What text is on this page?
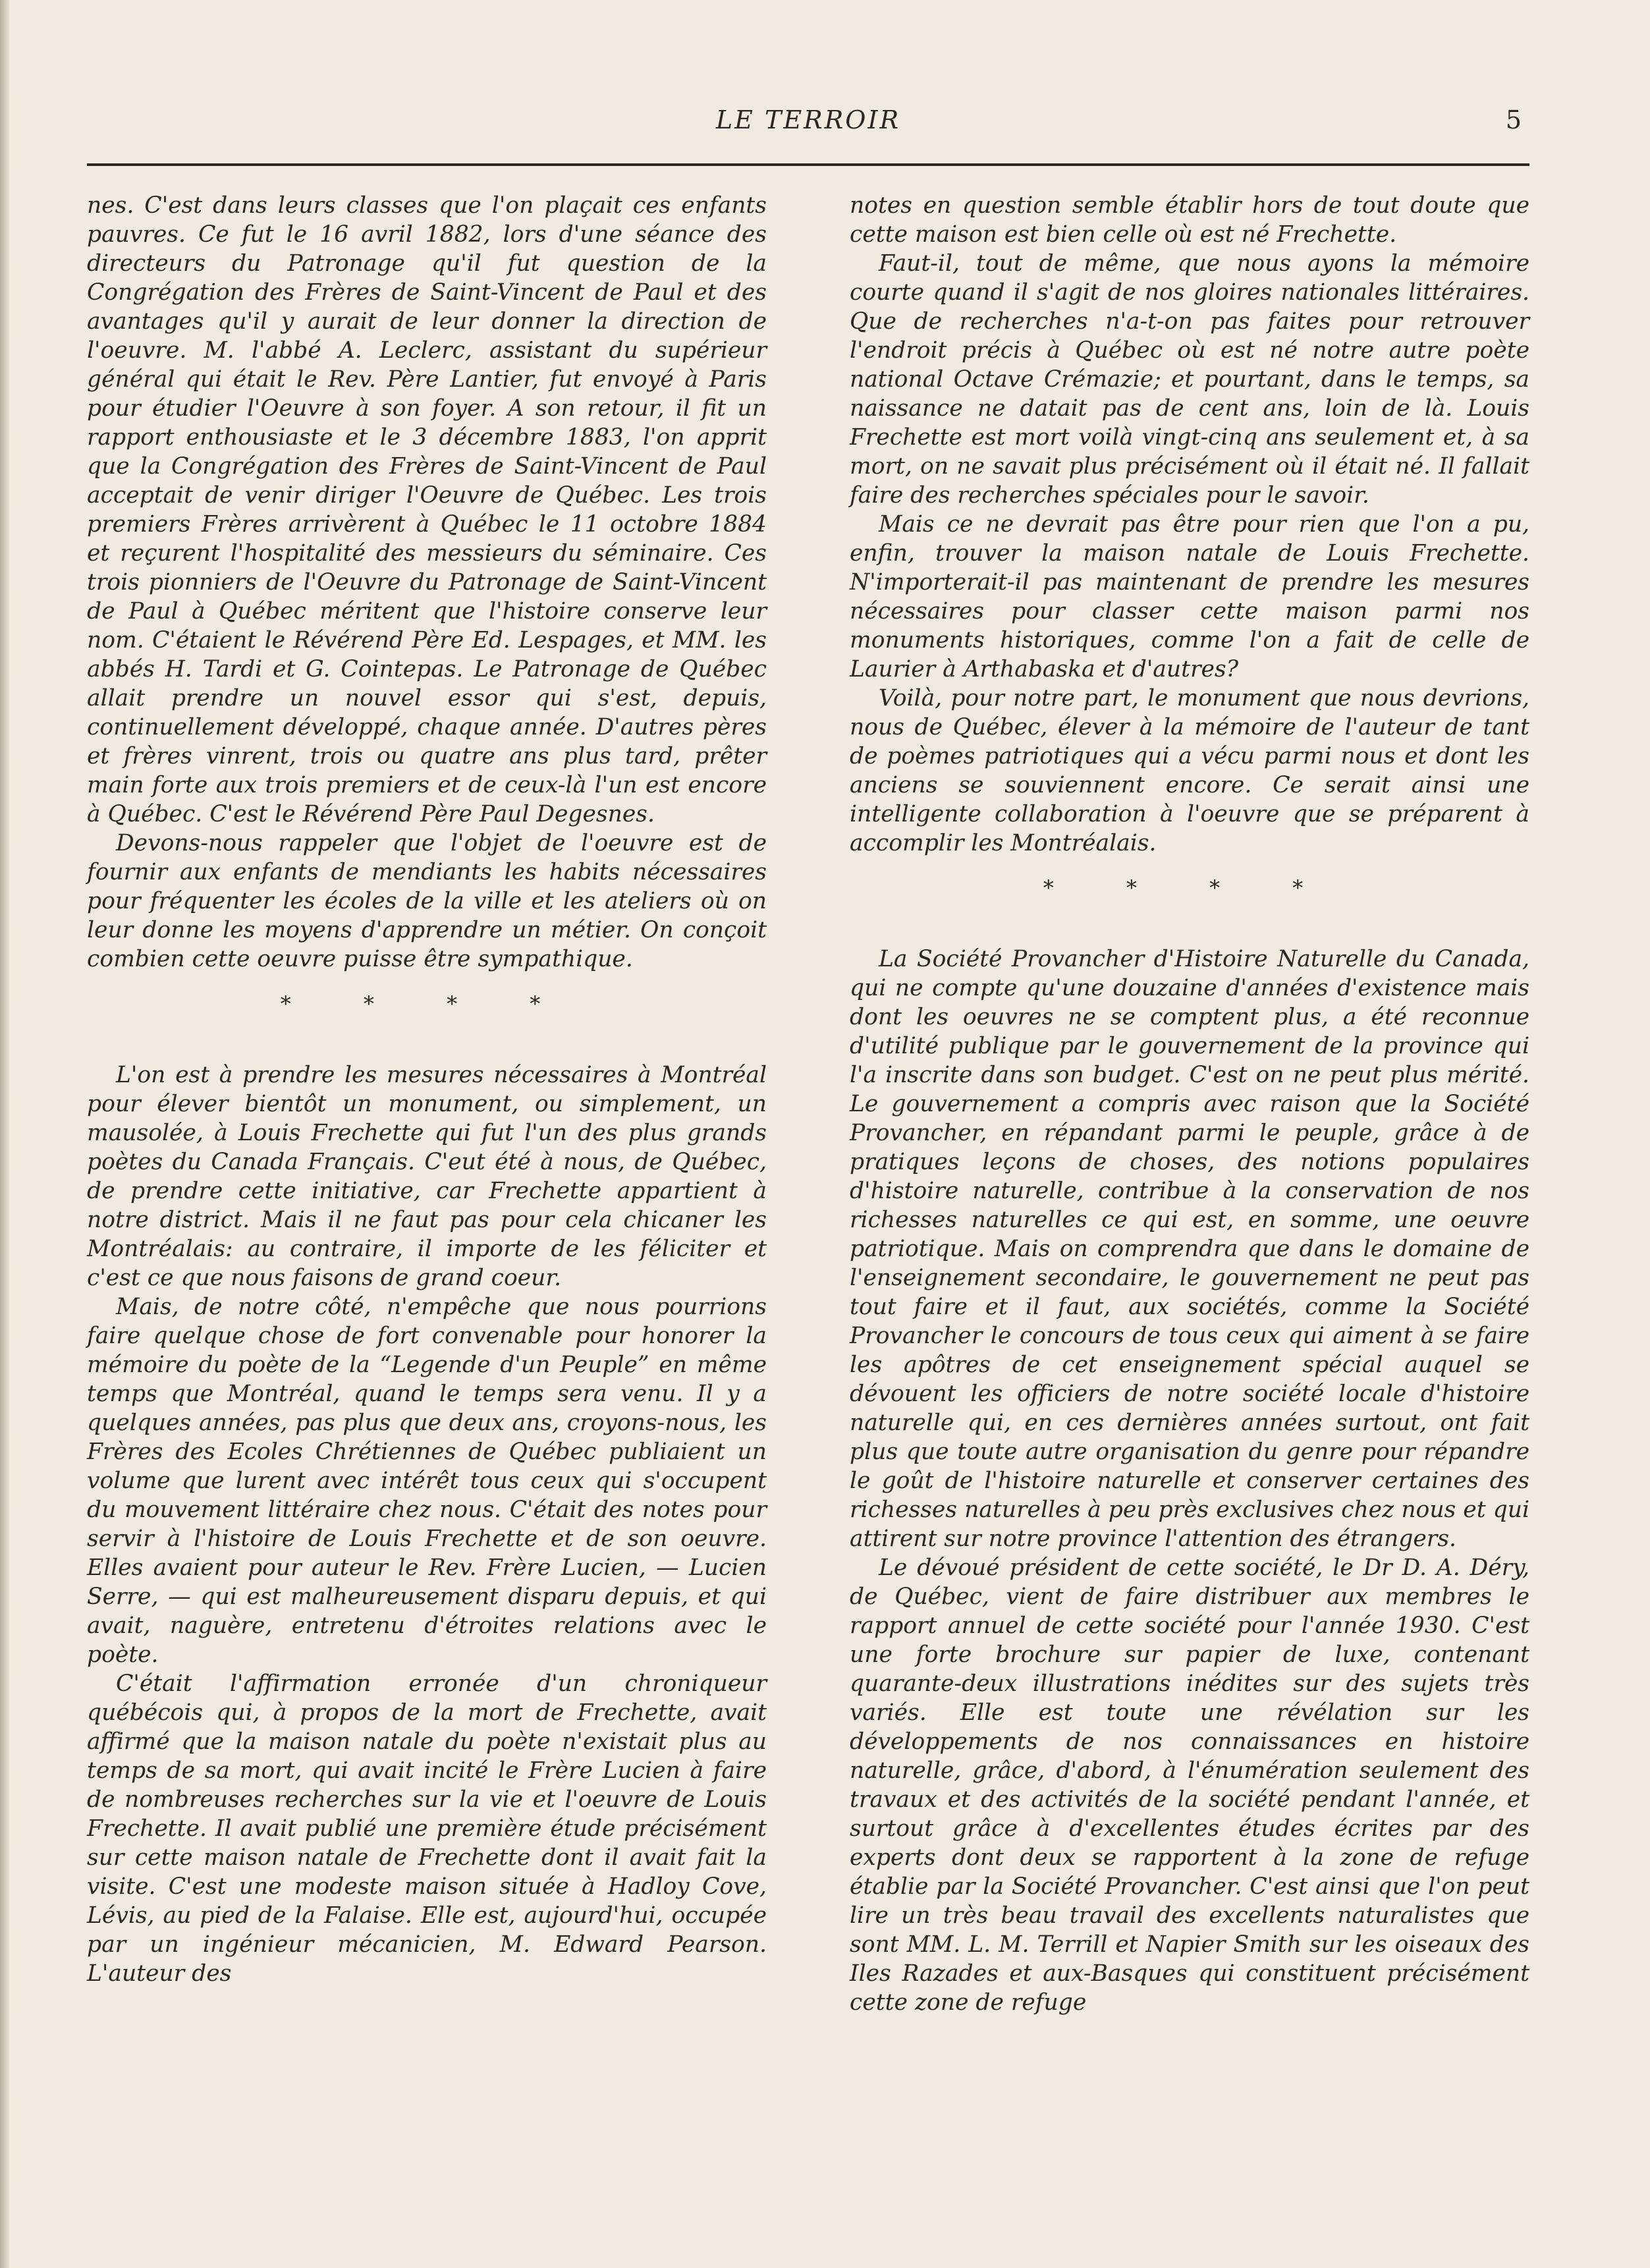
LE TERROIR	5

nes. C'est dans leurs classes que l'on plaçait ces enfants pauvres. Ce fut le 16 avril 1882, lors d'une séance des directeurs du Patronage qu'il fut question de la Congrégation des Frères de Saint-Vincent de Paul et des avantages qu'il y aurait de leur donner la direction de l'oeuvre. M. l'abbé A. Leclerc, assistant du supérieur général qui était le Rev. Père Lantier, fut envoyé à Paris pour étudier l'Oeuvre à son foyer. A son retour, il fit un rapport enthousiaste et le 3 décembre 1883, l'on apprit que la Congrégation des Frères de Saint-Vincent de Paul acceptait de venir diriger l'Oeuvre de Québec. Les trois premiers Frères arrivèrent à Québec le 11 octobre 1884 et reçurent l'hospitalité des messieurs du séminaire. Ces trois pionniers de l'Oeuvre du Patronage de Saint-Vincent de Paul à Québec méritent que l'histoire conserve leur nom. C'étaient le Révérend Père Ed. Lespages, et MM. les abbés H. Tardi et G. Cointepas. Le Patronage de Québec allait prendre un nouvel essor qui s'est, depuis, continuellement développé, chaque année. D'autres pères et frères vinrent, trois ou quatre ans plus tard, prêter main forte aux trois premiers et de ceux-là l'un est encore à Québec. C'est le Révérend Père Paul Degesnes.

Devons-nous rappeler que l'objet de l'oeuvre est de fournir aux enfants de mendiants les habits nécessaires pour fréquenter les écoles de la ville et les ateliers où on leur donne les moyens d'apprendre un métier. On conçoit combien cette oeuvre puisse être sympathique.

* * * *

L'on est à prendre les mesures nécessaires à Montréal pour élever bientôt un monument, ou simplement, un mausolée, à Louis Frechette qui fut l'un des plus grands poètes du Canada Français. C'eut été à nous, de Québec, de prendre cette initiative, car Frechette appartient à notre district. Mais il ne faut pas pour cela chicaner les Montréalais: au contraire, il importe de les féliciter et c'est ce que nous faisons de grand coeur.

Mais, de notre côté, n'empêche que nous pourrions faire quelque chose de fort convenable pour honorer la mémoire du poète de la “Legende d'un Peuple” en même temps que Montréal, quand le temps sera venu. Il y a quelques années, pas plus que deux ans, croyons-nous, les Frères des Ecoles Chrétiennes de Québec publiaient un volume que lurent avec intérêt tous ceux qui s'occupent du mouvement littéraire chez nous. C'était des notes pour servir à l'histoire de Louis Frechette et de son oeuvre. Elles avaient pour auteur le Rev. Frère Lucien, — Lucien Serre, — qui est malheureusement disparu depuis, et qui avait, naguère, entretenu d'étroites relations avec le poète.

C'était l'affirmation erronée d'un chroniqueur québécois qui, à propos de la mort de Frechette, avait affirmé que la maison natale du poète n'existait plus au temps de sa mort, qui avait incité le Frère Lucien à faire de nombreuses recherches sur la vie et l'oeuvre de Louis Frechette. Il avait publié une première étude précisément sur cette maison natale de Frechette dont il avait fait la visite. C'est une modeste maison située à Hadloy Cove, Lévis, au pied de la Falaise. Elle est, aujourd'hui, occupée par un ingénieur mécanicien, M. Edward Pearson. L'auteur des

notes en question semble établir hors de tout doute que cette maison est bien celle où est né Frechette.

Faut-il, tout de même, que nous ayons la mémoire courte quand il s'agit de nos gloires nationales littéraires. Que de recherches n'a-t-on pas faites pour retrouver l'endroit précis à Québec où est né notre autre poète national Octave Crémazie; et pourtant, dans le temps, sa naissance ne datait pas de cent ans, loin de là. Louis Frechette est mort voilà vingt-cinq ans seulement et, à sa mort, on ne savait plus précisément où il était né. Il fallait faire des recherches spéciales pour le savoir.

Mais ce ne devrait pas être pour rien que l'on a pu, enfin, trouver la maison natale de Louis Frechette. N'importerait-il pas maintenant de prendre les mesures nécessaires pour classer cette maison parmi nos monuments historiques, comme l'on a fait de celle de Laurier à Arthabaska et d'autres?

Voilà, pour notre part, le monument que nous devrions, nous de Québec, élever à la mémoire de l'auteur de tant de poèmes patriotiques qui a vécu parmi nous et dont les anciens se souviennent encore. Ce serait ainsi une intelligente collaboration à l'oeuvre que se préparent à accomplir les Montréalais.

* * * *

La Société Provancher d'Histoire Naturelle du Canada, qui ne compte qu'une douzaine d'années d'existence mais dont les oeuvres ne se comptent plus, a été reconnue d'utilité publique par le gouvernement de la province qui l'a inscrite dans son budget. C'est on ne peut plus mérité. Le gouvernement a compris avec raison que la Société Provancher, en répandant parmi le peuple, grâce à de pratiques leçons de choses, des notions populaires d'histoire naturelle, contribue à la conservation de nos richesses naturelles ce qui est, en somme, une oeuvre patriotique. Mais on comprendra que dans le domaine de l'enseignement secondaire, le gouvernement ne peut pas tout faire et il faut, aux sociétés, comme la Société Provancher le concours de tous ceux qui aiment à se faire les apôtres de cet enseignement spécial auquel se dévouent les officiers de notre société locale d'histoire naturelle qui, en ces dernières années surtout, ont fait plus que toute autre organisation du genre pour répandre le goût de l'histoire naturelle et conserver certaines des richesses naturelles à peu près exclusives chez nous et qui attirent sur notre province l'attention des étrangers.

Le dévoué président de cette société, le Dr D. A. Déry, de Québec, vient de faire distribuer aux membres le rapport annuel de cette société pour l'année 1930. C'est une forte brochure sur papier de luxe, contenant quarante-deux illustrations inédites sur des sujets très variés. Elle est toute une révélation sur les développements de nos connaissances en histoire naturelle, grâce, d'abord, à l'énumération seulement des travaux et des activités de la société pendant l'année, et surtout grâce à d'excellentes études écrites par des experts dont deux se rapportent à la zone de refuge établie par la Société Provancher. C'est ainsi que l'on peut lire un très beau travail des excellents naturalistes que sont MM. L. M. Terrill et Napier Smith sur les oiseaux des Iles Razades et aux-Basques qui constituent précisément cette zone de refuge
